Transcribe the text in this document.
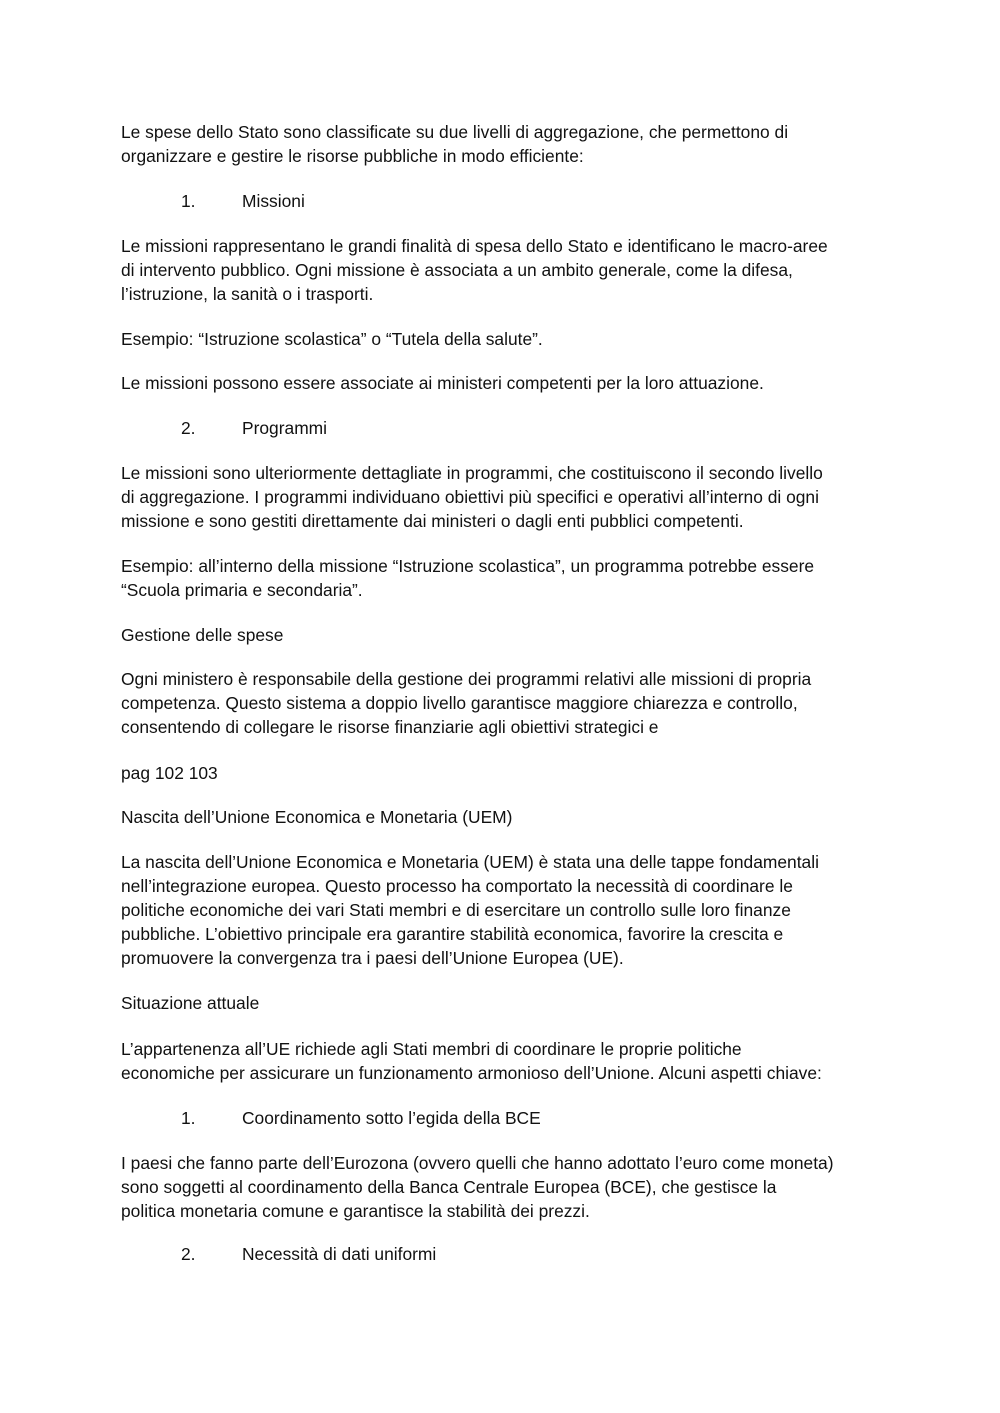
Le spese dello Stato sono classificate su due livelli di aggregazione, che permettono di
organizzare e gestire le risorse pubbliche in modo efficiente:
1.	Missioni
Le missioni rappresentano le grandi finalità di spesa dello Stato e identificano le macro-aree
di intervento pubblico. Ogni missione è associata a un ambito generale, come la difesa,
l’istruzione, la sanità o i trasporti.
Esempio: “Istruzione scolastica” o “Tutela della salute”.
Le missioni possono essere associate ai ministeri competenti per la loro attuazione.
2.	Programmi
Le missioni sono ulteriormente dettagliate in programmi, che costituiscono il secondo livello
di aggregazione. I programmi individuano obiettivi più specifici e operativi all’interno di ogni
missione e sono gestiti direttamente dai ministeri o dagli enti pubblici competenti.
Esempio: all’interno della missione “Istruzione scolastica”, un programma potrebbe essere
“Scuola primaria e secondaria”.
Gestione delle spese
Ogni ministero è responsabile della gestione dei programmi relativi alle missioni di propria
competenza. Questo sistema a doppio livello garantisce maggiore chiarezza e controllo,
consentendo di collegare le risorse finanziarie agli obiettivi strategici e
pag 102 103
Nascita dell’Unione Economica e Monetaria (UEM)
La nascita dell’Unione Economica e Monetaria (UEM) è stata una delle tappe fondamentali
nell’integrazione europea. Questo processo ha comportato la necessità di coordinare le
politiche economiche dei vari Stati membri e di esercitare un controllo sulle loro finanze
pubbliche. L’obiettivo principale era garantire stabilità economica, favorire la crescita e
promuovere la convergenza tra i paesi dell’Unione Europea (UE).
Situazione attuale
L’appartenenza all’UE richiede agli Stati membri di coordinare le proprie politiche
economiche per assicurare un funzionamento armonioso dell’Unione. Alcuni aspetti chiave:
1.	Coordinamento sotto l’egida della BCE
I paesi che fanno parte dell’Eurozona (ovvero quelli che hanno adottato l’euro come moneta)
sono soggetti al coordinamento della Banca Centrale Europea (BCE), che gestisce la
politica monetaria comune e garantisce la stabilità dei prezzi.
2.	Necessità di dati uniformi
